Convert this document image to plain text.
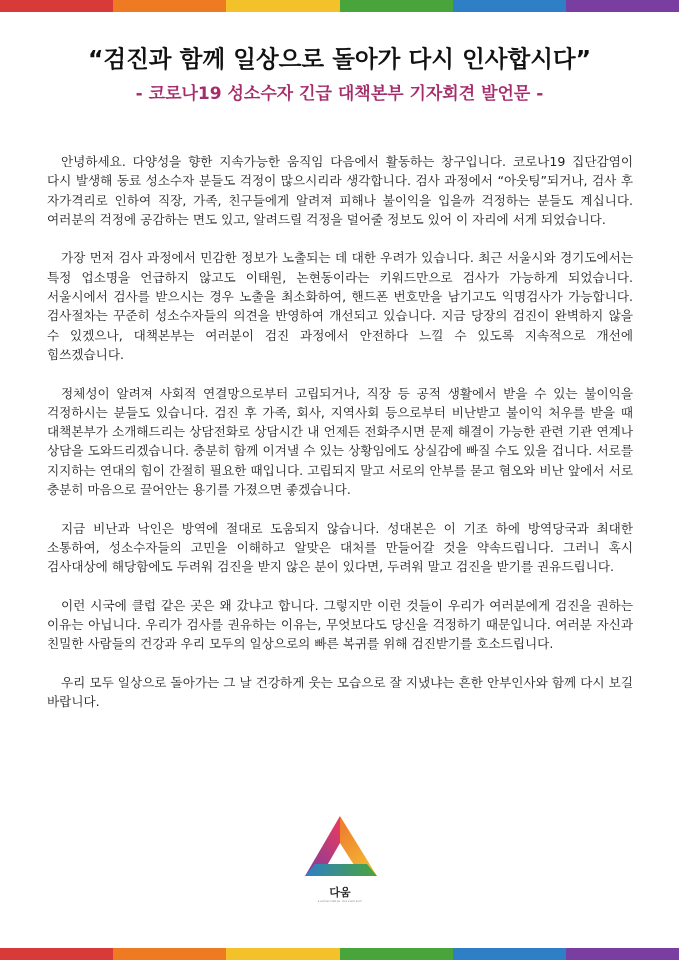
“검진과 함께 일상으로 돌아가 다시 인사합시다”
- 코로나19 성소수자 긴급 대책본부 기자회견 발언문 -

안녕하세요. 다양성을 향한 지속가능한 움직임 다음에서 활동하는 창구입니다. 코로나19 집단감염이 다시 발생해 동료 성소수자 분들도 걱정이 많으시리라 생각합니다. 검사 과정에서 “아웃팅”되거나, 검사 후 자가격리로 인하여 직장, 가족, 친구들에게 알려져 피해나 불이익을 입을까 걱정하는 분들도 계십니다. 여러분의 걱정에 공감하는 면도 있고, 알려드릴 걱정을 덜어줄 정보도 있어 이 자리에 서게 되었습니다.

가장 먼저 검사 과정에서 민감한 정보가 노출되는 데 대한 우려가 있습니다. 최근 서울시와 경기도에서는 특정 업소명을 언급하지 않고도 이태원, 논현동이라는 키워드만으로 검사가 가능하게 되었습니다. 서울시에서 검사를 받으시는 경우 노출을 최소화하여, 핸드폰 번호만을 남기고도 익명검사가 가능합니다. 검사절차는 꾸준히 성소수자들의 의견을 반영하여 개선되고 있습니다. 지금 당장의 검진이 완벽하지 않을 수 있겠으나, 대책본부는 여러분이 검진 과정에서 안전하다 느낄 수 있도록 지속적으로 개선에 힘쓰겠습니다.

정체성이 알려져 사회적 연결망으로부터 고립되거나, 직장 등 공적 생활에서 받을 수 있는 불이익을 걱정하시는 분들도 있습니다. 검진 후 가족, 회사, 지역사회 등으로부터 비난받고 불이익 처우를 받을 때 대책본부가 소개해드리는 상담전화로 상담시간 내 언제든 전화주시면 문제 해결이 가능한 관련 기관 연계나 상담을 도와드리겠습니다. 충분히 함께 이겨낼 수 있는 상황임에도 상실감에 빠질 수도 있을 겁니다. 서로를 지지하는 연대의 힘이 간절히 필요한 때입니다. 고립되지 말고 서로의 안부를 묻고 혐오와 비난 앞에서 서로 충분히 마음으로 끌어안는 용기를 가졌으면 좋겠습니다.

지금 비난과 낙인은 방역에 절대로 도움되지 않습니다. 성대본은 이 기조 하에 방역당국과 최대한 소통하여, 성소수자들의 고민을 이해하고 알맞은 대처를 만들어갈 것을 약속드립니다. 그러니 혹시 검사대상에 해당함에도 두려워 검진을 받지 않은 분이 있다면, 두려워 말고 검진을 받기를 권유드립니다.

이런 시국에 클럽 같은 곳은 왜 갔냐고 합니다. 그렇지만 이런 것들이 우리가 여러분에게 검진을 권하는 이유는 아닙니다. 우리가 검사를 권유하는 이유는, 무엇보다도 당신을 걱정하기 때문입니다. 여러분 자신과 친밀한 사람들의 건강과 우리 모두의 일상으로의 빠른 복귀를 위해 검진받기를 호소드립니다.

우리 모두 일상으로 돌아가는 그 날 건강하게 웃는 모습으로 잘 지냈냐는 흔한 안부인사와 함께 다시 보길 바랍니다.

다움
sustainable movement
